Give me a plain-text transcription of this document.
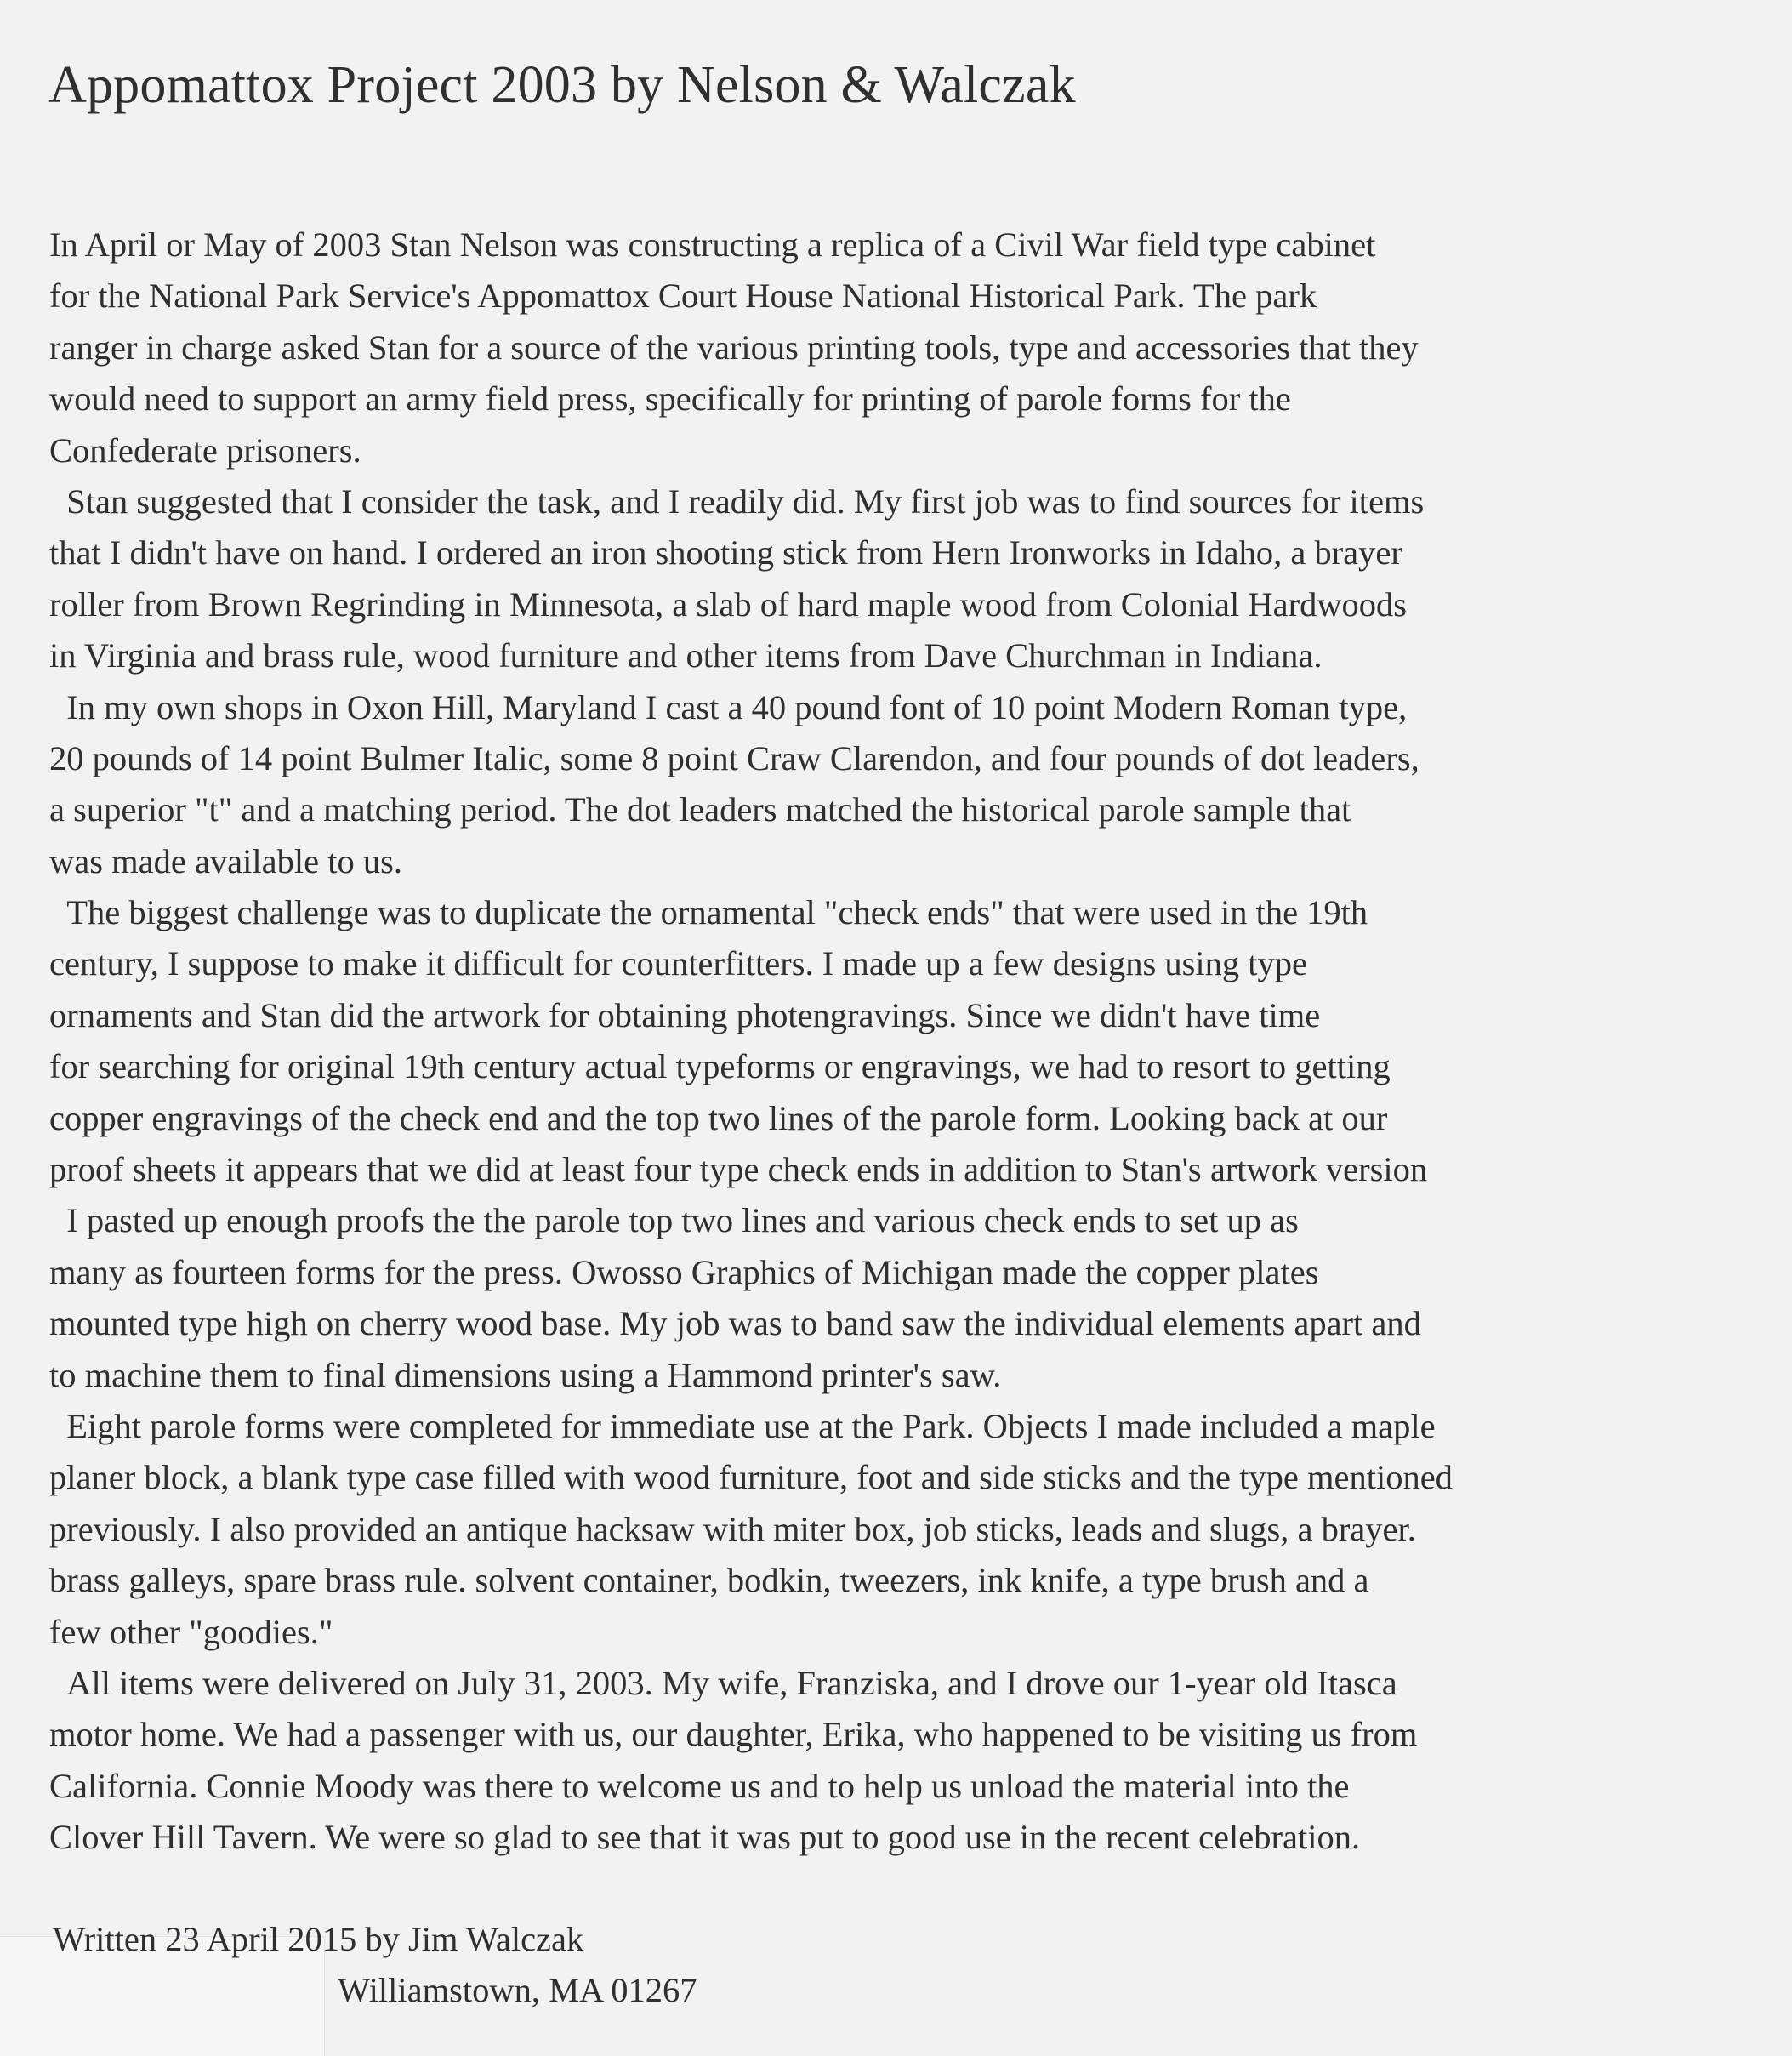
Appomattox Project 2003 by Nelson & Walczak
In April or May of 2003 Stan Nelson was constructing a replica of a Civil War field type cabinet
for the National Park Service's Appomattox Court House National Historical Park. The park
ranger in charge asked Stan for a source of the various printing tools, type and accessories that they
would need to support an army field press, specifically for printing of parole forms for the
Confederate prisoners.
Stan suggested that I consider the task, and I readily did. My first job was to find sources for items
that I didn't have on hand. I ordered an iron shooting stick from Hern Ironworks in Idaho, a brayer
roller from Brown Regrinding in Minnesota, a slab of hard maple wood from Colonial Hardwoods
in Virginia and brass rule, wood furniture and other items from Dave Churchman in Indiana.
In my own shops in Oxon Hill, Maryland I cast a 40 pound font of 10 point Modern Roman type,
20 pounds of 14 point Bulmer Italic, some 8 point Craw Clarendon, and four pounds of dot leaders,
a superior "t" and a matching period. The dot leaders matched the historical parole sample that
was made available to us.
The biggest challenge was to duplicate the ornamental "check ends" that were used in the 19th
century, I suppose to make it difficult for counterfitters. I made up a few designs using type
ornaments and Stan did the artwork for obtaining photengravings. Since we didn't have time
for searching for original 19th century actual typeforms or engravings, we had to resort to getting
copper engravings of the check end and the top two lines of the parole form. Looking back at our
proof sheets it appears that we did at least four type check ends in addition to Stan's artwork version
I pasted up enough proofs the the parole top two lines and various check ends to set up as
many as fourteen forms for the press. Owosso Graphics of Michigan made the copper plates
mounted type high on cherry wood base. My job was to band saw the individual elements apart and
to machine them to final dimensions using a Hammond printer's saw.
Eight parole forms were completed for immediate use at the Park. Objects I made included a maple
planer block, a blank type case filled with wood furniture, foot and side sticks and the type mentioned
previously. I also provided an antique hacksaw with miter box, job sticks, leads and slugs, a brayer.
brass galleys, spare brass rule. solvent container, bodkin, tweezers, ink knife, a type brush and a
few other "goodies."
All items were delivered on July 31, 2003. My wife, Franziska, and I drove our 1-year old Itasca
motor home. We had a passenger with us, our daughter, Erika, who happened to be visiting us from
California. Connie Moody was there to welcome us and to help us unload the material into the
Clover Hill Tavern. We were so glad to see that it was put to good use in the recent celebration.
Written 23 April 2015 by Jim Walczak
Williamstown, MA 01267
